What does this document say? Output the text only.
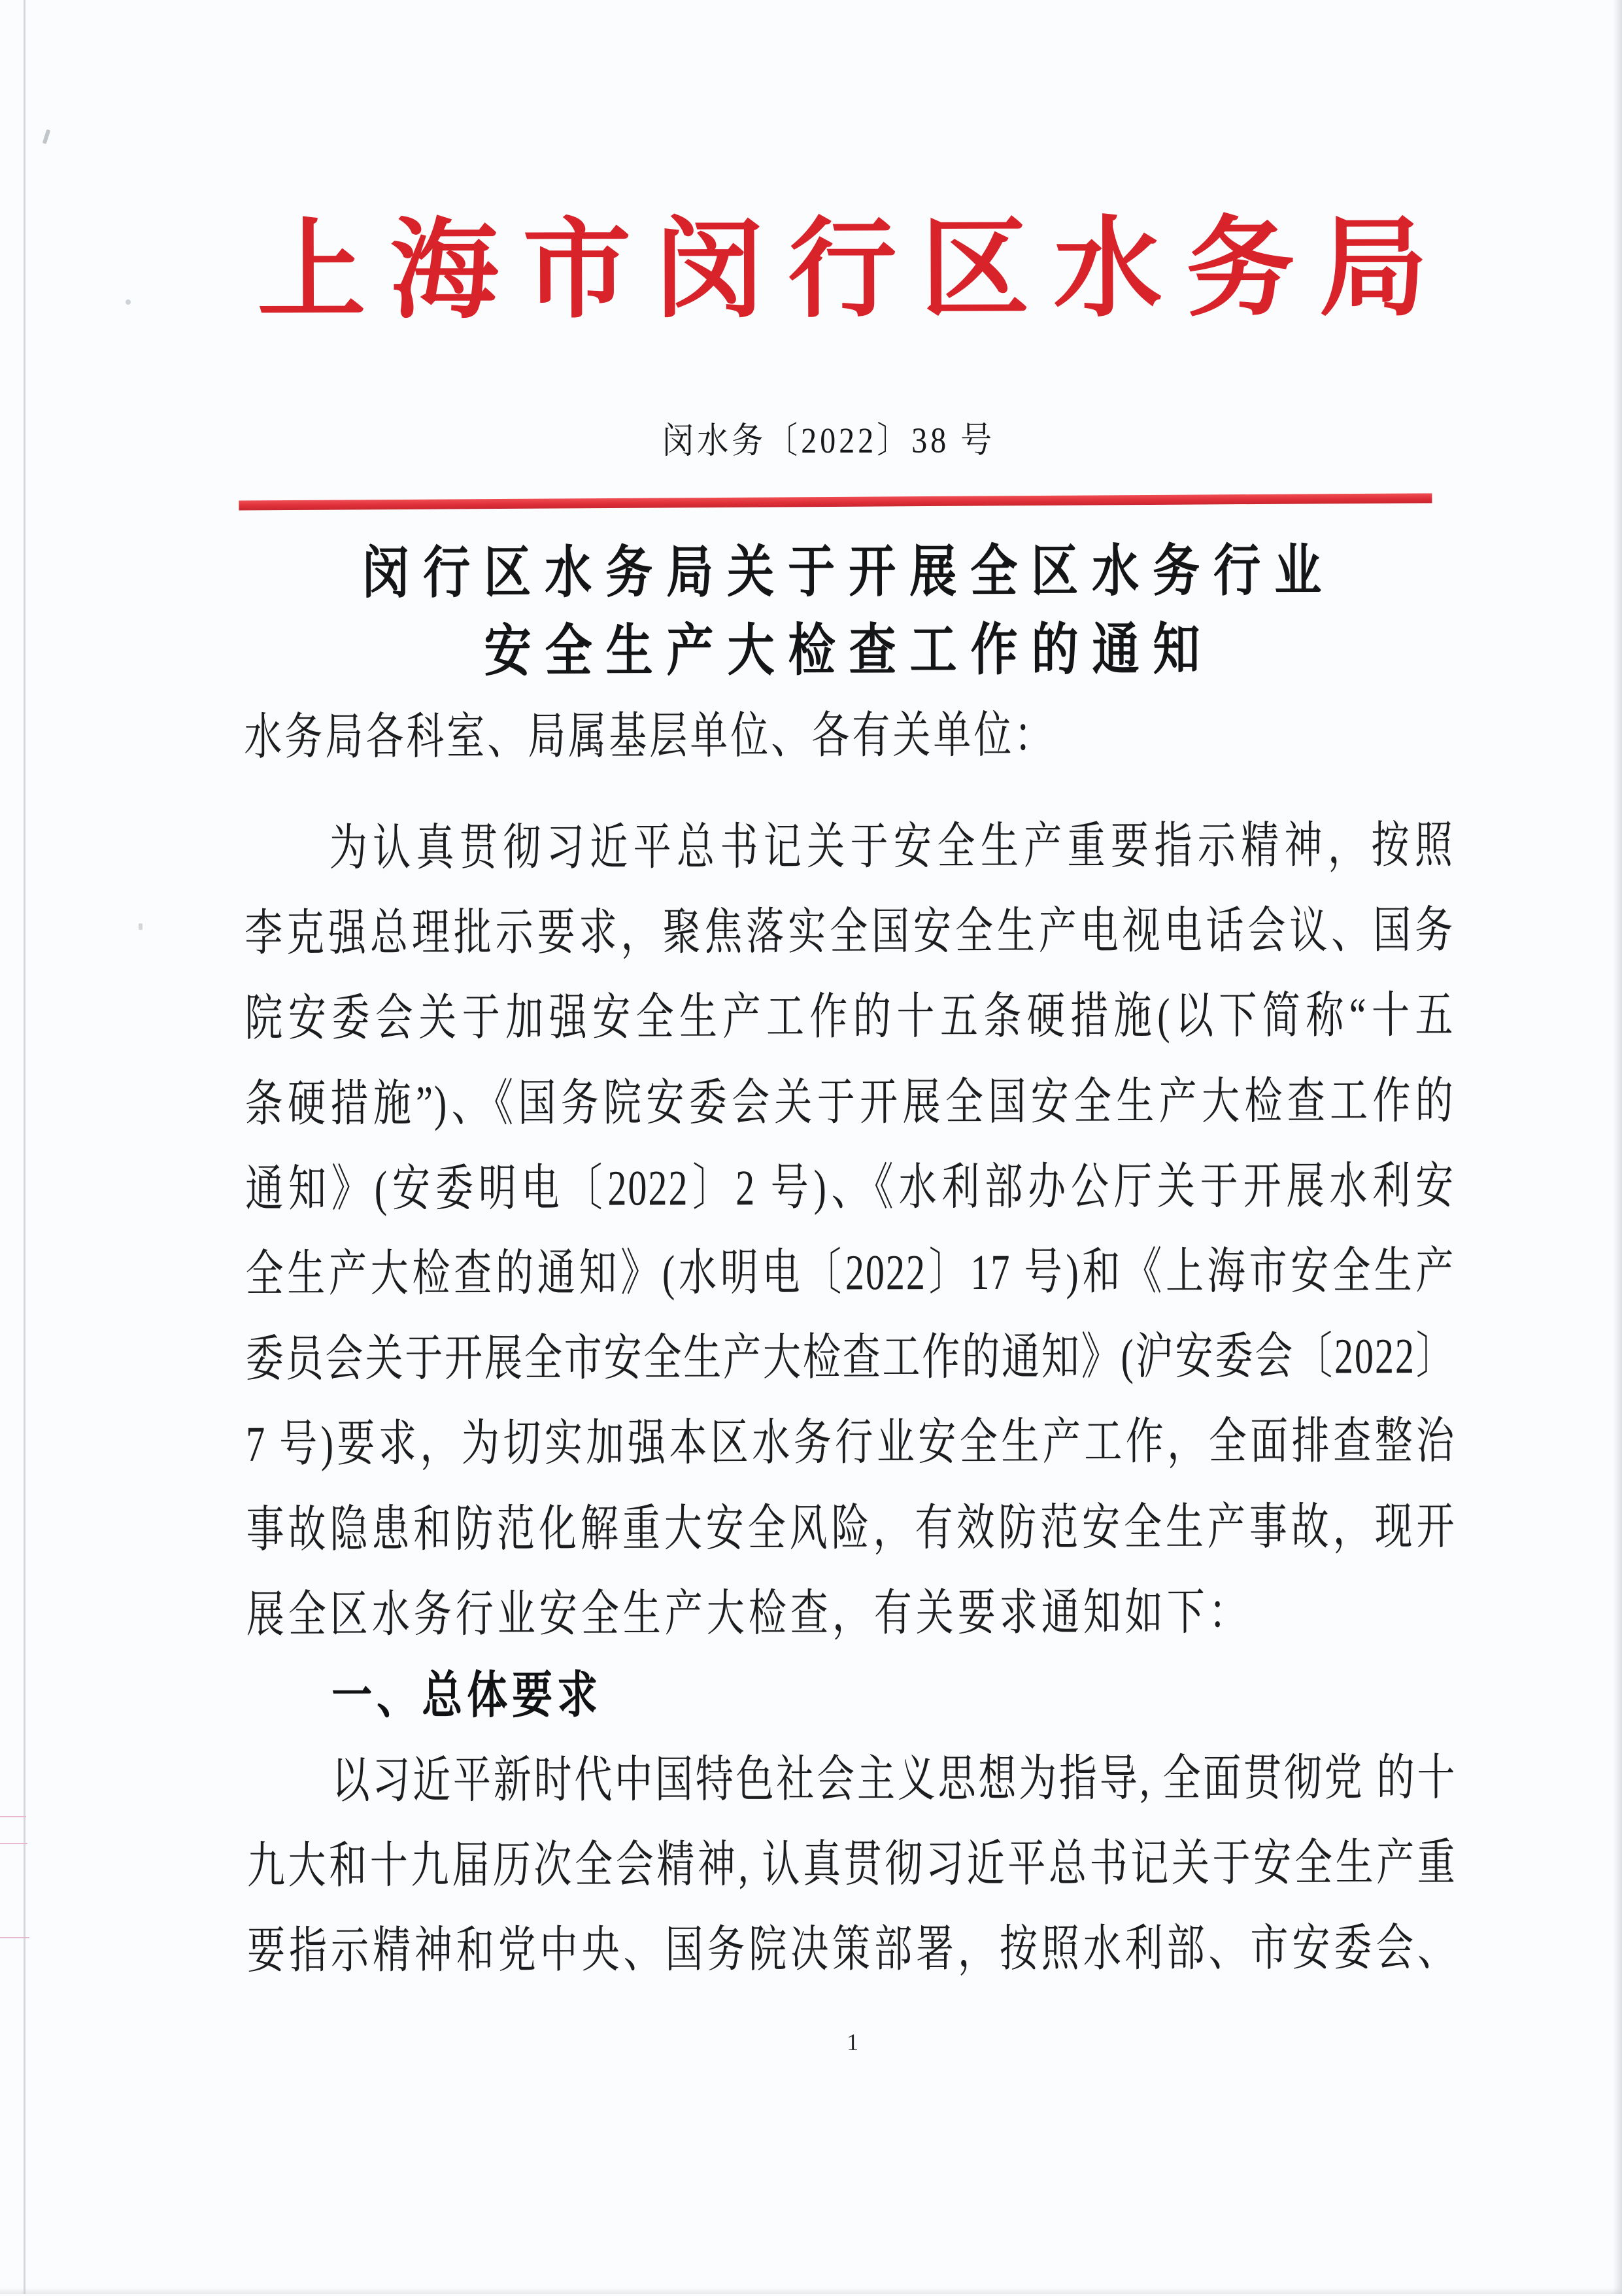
上海市闵行区水务局
闵水务〔2022〕38 号
闵行区水务局关于开展全区水务行业
安全生产大检查工作的通知
水务局各科室、局属基层单位、各有关单位：
为认真贯彻习近平总书记关于安全生产重要指示精神，按照
李克强总理批示要求，聚焦落实全国安全生产电视电话会议、国务
院安委会关于加强安全生产工作的十五条硬措施(以下简称“十五
条硬措施”)、《国务院安委会关于开展全国安全生产大检查工作的
通知》(安委明电〔2022〕2 号)、《水利部办公厅关于开展水利安
全生产大检查的通知》(水明电〔2022〕17 号)和《上海市安全生产
委员会关于开展全市安全生产大检查工作的通知》(沪安委会〔2022〕
7 号)要求，为切实加强本区水务行业安全生产工作，全面排查整治
事故隐患和防范化解重大安全风险，有效防范安全生产事故，现开
展全区水务行业安全生产大检查，有关要求通知如下：
一、总体要求
以习近平新时代中国特色社会主义思想为指导, 全面贯彻党 的十
九大和十九届历次全会精神, 认真贯彻习近平总书记关于安全生产重
要指示精神和党中央、国务院决策部署，按照水利部、市安委会、
1
